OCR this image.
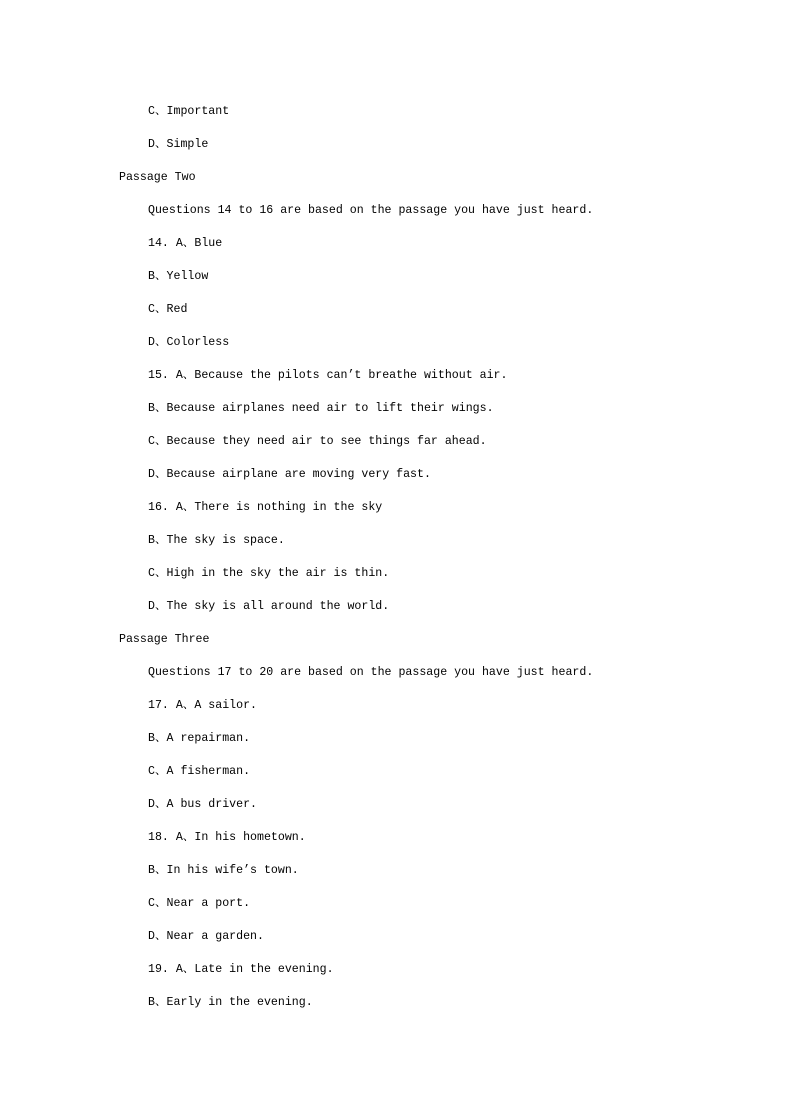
C、Important
D、Simple
Passage Two
Questions 14 to 16 are based on the passage you have just heard.
14. A、Blue
B、Yellow
C、Red
D、Colorless
15. A、Because the pilots can’t breathe without air.
B、Because airplanes need air to lift their wings.
C、Because they need air to see things far ahead.
D、Because airplane are moving very fast.
16. A、There is nothing in the sky
B、The sky is space.
C、High in the sky the air is thin.
D、The sky is all around the world.
Passage Three
Questions 17 to 20 are based on the passage you have just heard.
17. A、A sailor.
B、A repairman.
C、A fisherman.
D、A bus driver.
18. A、In his hometown.
B、In his wife’s town.
C、Near a port.
D、Near a garden.
19. A、Late in the evening.
B、Early in the evening.
